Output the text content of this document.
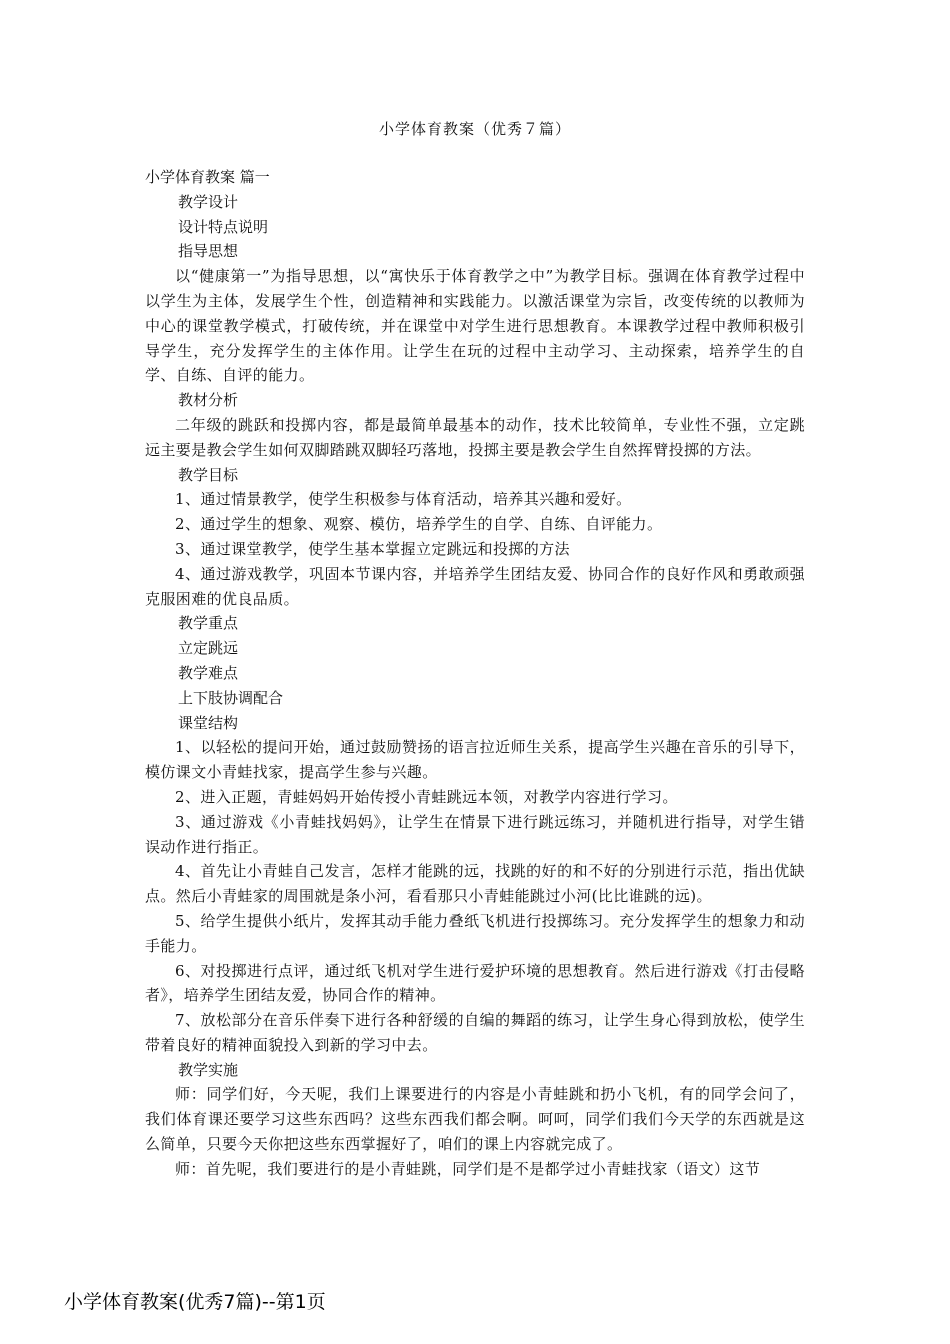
小学体育教案（优秀７篇）

小学体育教案 篇一

教学设计

设计特点说明

指导思想

以“健康第一”为指导思想，以“寓快乐于体育教学之中”为教学目标。强调在体育教学过程中以学生为主体，发展学生个性，创造精神和实践能力。以激活课堂为宗旨，改变传统的以教师为中心的课堂教学模式，打破传统，并在课堂中对学生进行思想教育。本课教学过程中教师积极引导学生，充分发挥学生的主体作用。让学生在玩的过程中主动学习、主动探索，培养学生的自学、自练、自评的能力。

教材分析

二年级的跳跃和投掷内容，都是最简单最基本的动作，技术比较简单，专业性不强，立定跳远主要是教会学生如何双脚踏跳双脚轻巧落地，投掷主要是教会学生自然挥臂投掷的方法。

教学目标

1、通过情景教学，使学生积极参与体育活动，培养其兴趣和爱好。

2、通过学生的想象、观察、模仿，培养学生的自学、自练、自评能力。

3、通过课堂教学，使学生基本掌握立定跳远和投掷的方法

4、通过游戏教学，巩固本节课内容，并培养学生团结友爱、协同合作的良好作风和勇敢顽强克服困难的优良品质。

教学重点

立定跳远

教学难点

上下肢协调配合

课堂结构

1、以轻松的提问开始，通过鼓励赞扬的语言拉近师生关系，提高学生兴趣在音乐的引导下，模仿课文小青蛙找家，提高学生参与兴趣。

2、进入正题，青蛙妈妈开始传授小青蛙跳远本领，对教学内容进行学习。

3、通过游戏《小青蛙找妈妈》，让学生在情景下进行跳远练习，并随机进行指导，对学生错误动作进行指正。

4、首先让小青蛙自己发言，怎样才能跳的远，找跳的好的和不好的分别进行示范，指出优缺点。然后小青蛙家的周围就是条小河，看看那只小青蛙能跳过小河(比比谁跳的远)。

5、给学生提供小纸片，发挥其动手能力叠纸飞机进行投掷练习。充分发挥学生的想象力和动手能力。

6、对投掷进行点评，通过纸飞机对学生进行爱护环境的思想教育。然后进行游戏《打击侵略者》，培养学生团结友爱，协同合作的精神。

7、放松部分在音乐伴奏下进行各种舒缓的自编的舞蹈的练习，让学生身心得到放松，使学生带着良好的精神面貌投入到新的学习中去。

教学实施

师：同学们好，今天呢，我们上课要进行的内容是小青蛙跳和扔小飞机，有的同学会问了，我们体育课还要学习这些东西吗？这些东西我们都会啊。呵呵，同学们我们今天学的东西就是这么简单，只要今天你把这些东西掌握好了，咱们的课上内容就完成了。

师：首先呢，我们要进行的是小青蛙跳，同学们是不是都学过小青蛙找家（语文）这节

小学体育教案(优秀7篇)--第1页
